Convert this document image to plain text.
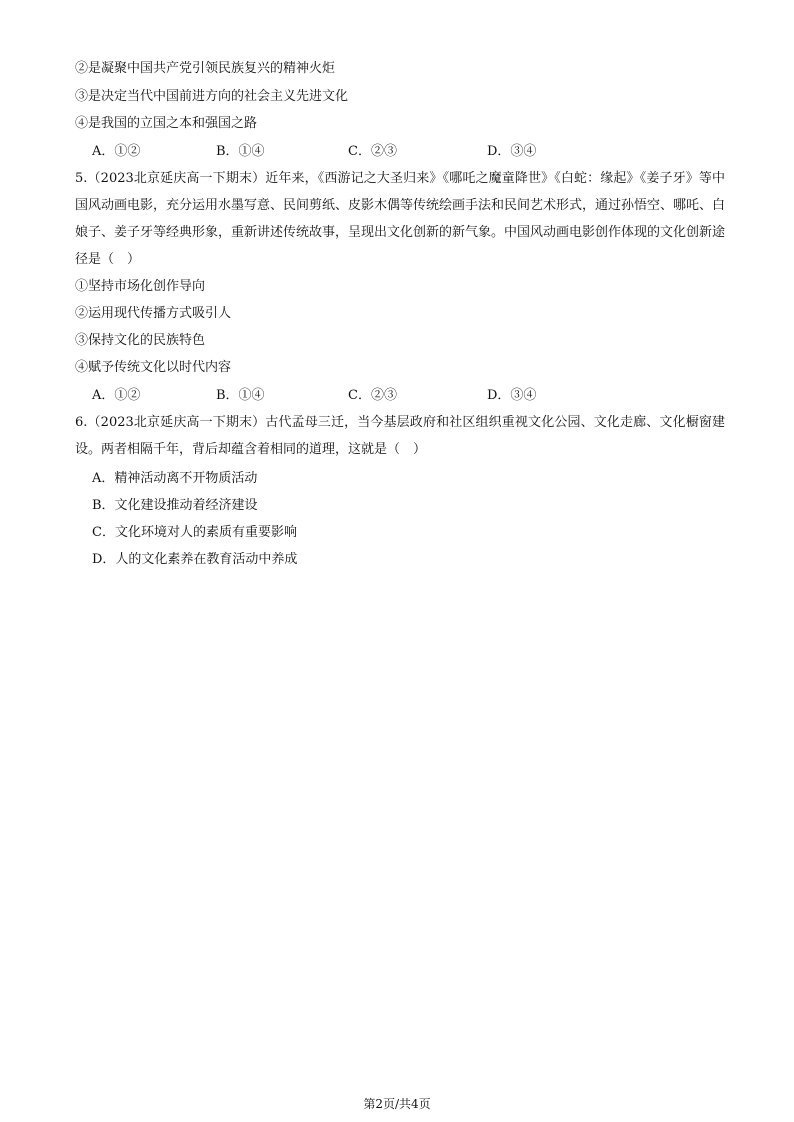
②是凝聚中国共产党引领民族复兴的精神火炬
③是决定当代中国前进方向的社会主义先进文化
④是我国的立国之本和强国之路
A．①②	B．①④	C．②③	D．③④
5.（2023北京延庆高一下期末）近年来，《西游记之大圣归来》《哪吒之魔童降世》《白蛇：缘起》《姜子牙》等中国风动画电影，充分运用水墨写意、民间剪纸、皮影木偶等传统绘画手法和民间艺术形式，通过孙悟空、哪吒、白娘子、姜子牙等经典形象，重新讲述传统故事，呈现出文化创新的新气象。中国风动画电影创作体现的文化创新途径是（　）
①坚持市场化创作导向
②运用现代传播方式吸引人
③保持文化的民族特色
④赋予传统文化以时代内容
A．①②	B．①④	C．②③	D．③④
6.（2023北京延庆高一下期末）古代孟母三迁，当今基层政府和社区组织重视文化公园、文化走廊、文化橱窗建设。两者相隔千年，背后却蕴含着相同的道理，这就是（　）
A．精神活动离不开物质活动
B．文化建设推动着经济建设
C．文化环境对人的素质有重要影响
D．人的文化素养在教育活动中养成
第2页/共4页
